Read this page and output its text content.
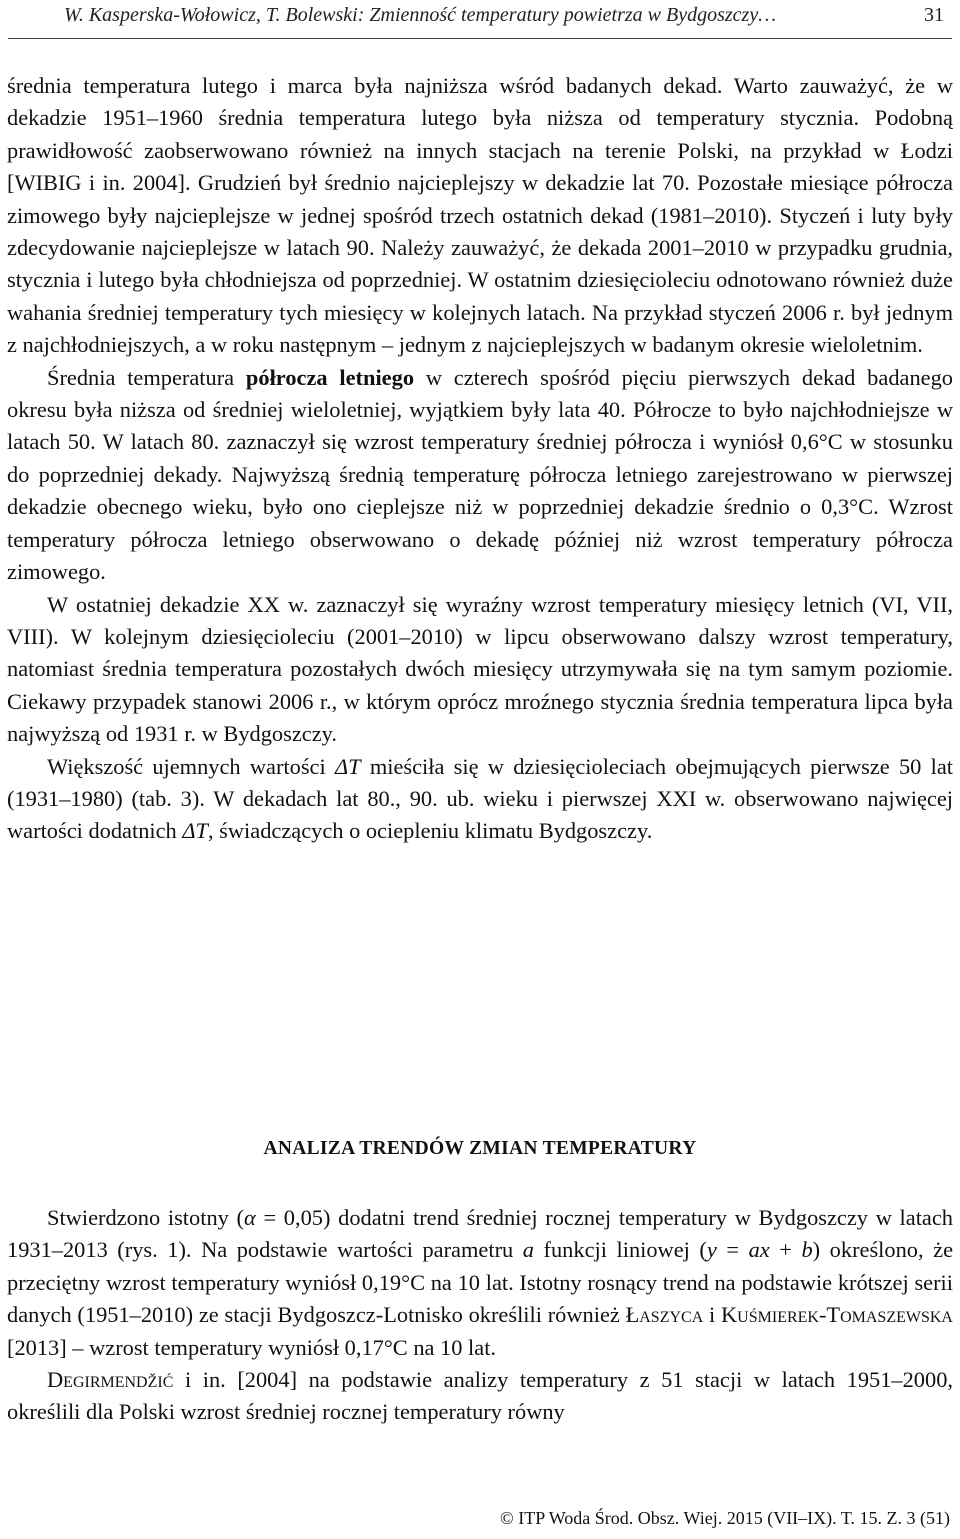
W. Kasperska-Wołowicz, T. Bolewski: Zmienność temperatury powietrza w Bydgoszczy…	31

średnia temperatura lutego i marca była najniższa wśród badanych dekad. Warto zauważyć, że w dekadzie 1951–1960 średnia temperatura lutego była niższa od temperatury stycznia. Podobną prawidłowość zaobserwowano również na innych stacjach na terenie Polski, na przykład w Łodzi [WIBIG i in. 2004]. Grudzień był średnio najcieplejszy w dekadzie lat 70. Pozostałe miesiące półrocza zimowego były najcieplejsze w jednej spośród trzech ostatnich dekad (1981–2010). Styczeń i luty były zdecydowanie najcieplejsze w latach 90. Należy zauważyć, że dekada 2001–2010 w przypadku grudnia, stycznia i lutego była chłodniejsza od poprzedniej. W ostatnim dziesięcioleciu odnotowano również duże wahania średniej temperatury tych miesięcy w kolejnych latach. Na przykład styczeń 2006 r. był jednym z najchłodniejszych, a w roku następnym – jednym z najcieplejszych w badanym okresie wieloletnim.

Średnia temperatura półrocza letniego w czterech spośród pięciu pierwszych dekad badanego okresu była niższa od średniej wieloletniej, wyjątkiem były lata 40. Półrocze to było najchłodniejsze w latach 50. W latach 80. zaznaczył się wzrost temperatury średniej półrocza i wyniósł 0,6°C w stosunku do poprzedniej dekady. Najwyższą średnią temperaturę półrocza letniego zarejestrowano w pierwszej dekadzie obecnego wieku, było ono cieplejsze niż w poprzedniej dekadzie średnio o 0,3°C. Wzrost temperatury półrocza letniego obserwowano o dekadę później niż wzrost temperatury półrocza zimowego.

W ostatniej dekadzie XX w. zaznaczył się wyraźny wzrost temperatury miesięcy letnich (VI, VII, VIII). W kolejnym dziesięcioleciu (2001–2010) w lipcu obserwowano dalszy wzrost temperatury, natomiast średnia temperatura pozostałych dwóch miesięcy utrzymywała się na tym samym poziomie. Ciekawy przypadek stanowi 2006 r., w którym oprócz mroźnego stycznia średnia temperatura lipca była najwyższą od 1931 r. w Bydgoszczy.

Większość ujemnych wartości ΔT mieściła się w dziesięcioleciach obejmujących pierwsze 50 lat (1931–1980) (tab. 3). W dekadach lat 80., 90. ub. wieku i pierwszej XXI w. obserwowano najwięcej wartości dodatnich ΔT, świadczących o ociepleniu klimatu Bydgoszczy.

ANALIZA TRENDÓW ZMIAN TEMPERATURY

Stwierdzono istotny (α = 0,05) dodatni trend średniej rocznej temperatury w Bydgoszczy w latach 1931–2013 (rys. 1). Na podstawie wartości parametru a funkcji liniowej (y = ax + b) określono, że przeciętny wzrost temperatury wyniósł 0,19°C na 10 lat. Istotny rosnący trend na podstawie krótszej serii danych (1951–2010) ze stacji Bydgoszcz-Lotnisko określili również Łaszyca i Kuśmierek-Tomaszewska [2013] – wzrost temperatury wyniósł 0,17°C na 10 lat.

Degirmendžić i in. [2004] na podstawie analizy temperatury z 51 stacji w latach 1951–2000, określili dla Polski wzrost średniej rocznej temperatury równy

© ITP Woda Środ. Obsz. Wiej. 2015 (VII–IX). T. 15. Z. 3 (51)
